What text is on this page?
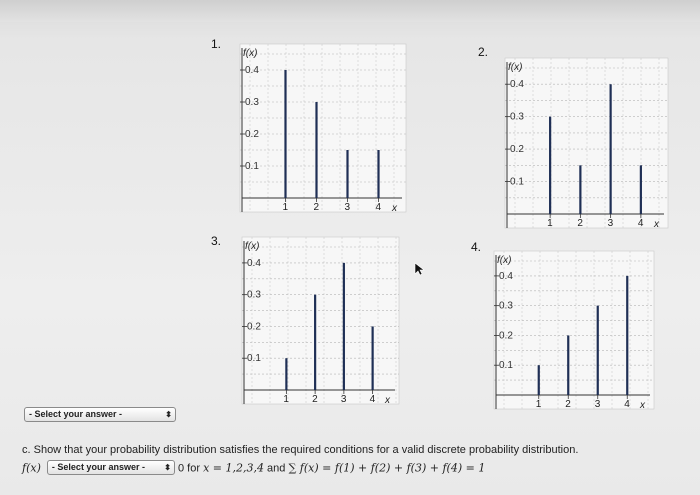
1.
2.
3.	4.
f(x)
0.4
0.3
0.2
0.1
1	2	3	4 x
f(x)
0.4
0.3
0.2
0.1
1 2 3 4 x
f(x)
0.4
0.3
0.2
0.1
1 2 3 4 x
f(x)
0.4
0.3
0.2
0.1
1 2 3 4 x
- Select your answer -	⬍
c. Show that your probability distribution satisfies the required conditions for a valid discrete probability distribution.
f(x) - Select your answer - ⬍ 0 for x = 1,2,3,4 and ∑ f(x) = f(1) + f(2) + f(3) + f(4) = 1
